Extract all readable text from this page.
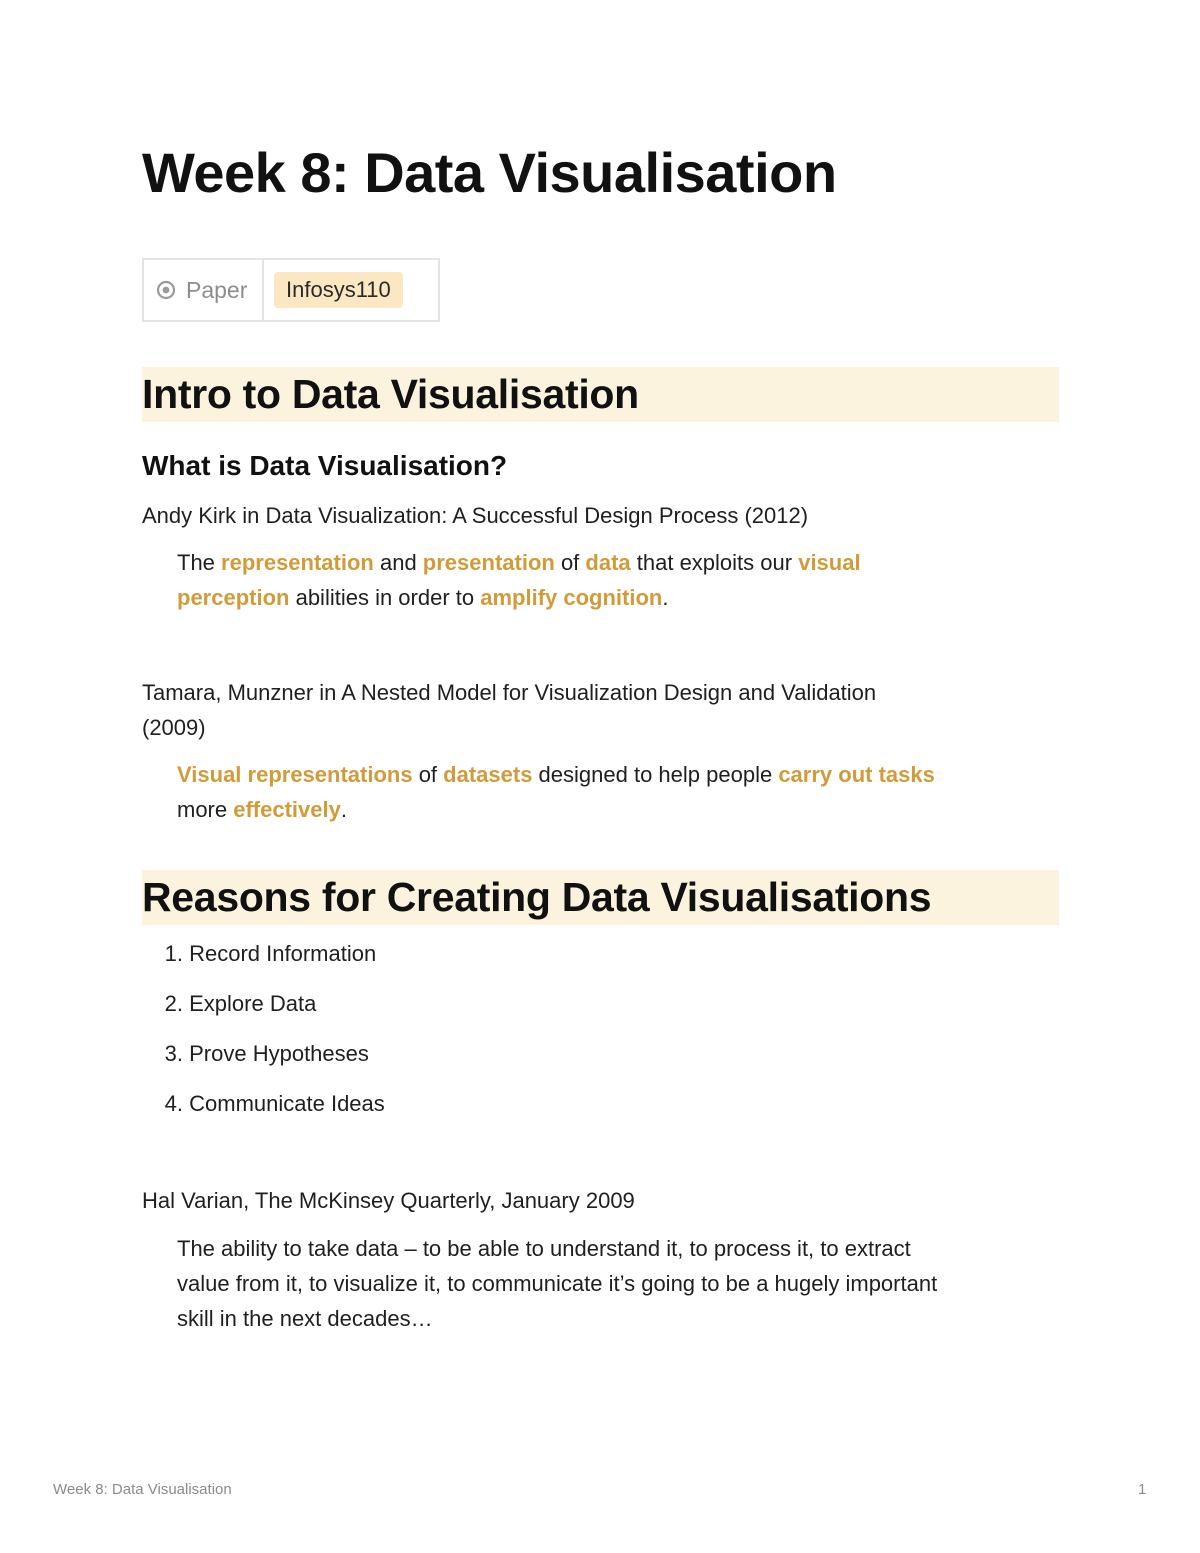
Week 8: Data Visualisation
Paper	Infosys110
Intro to Data Visualisation
What is Data Visualisation?

Andy Kirk in Data Visualization: A Successful Design Process (2012)

The representation and presentation of data that exploits our visual
perception abilities in order to amplify cognition.

Tamara, Munzner in A Nested Model for Visualization Design and Validation
(2009)

Visual representations of datasets designed to help people carry out tasks
more effectively.

Reasons for Creating Data Visualisations
1 . Record Information
2 . Explore Data
3 . Prove Hypotheses
4 . Communicate Ideas

Hal Varian, The McKinsey Quarterly, January 2009

The ability to take data – to be able to understand it, to process it, to extract
value from it, to visualize it, to communicate it’s going to be a hugely important
skill in the next decades…

Week 8: Data Visualisation	1
